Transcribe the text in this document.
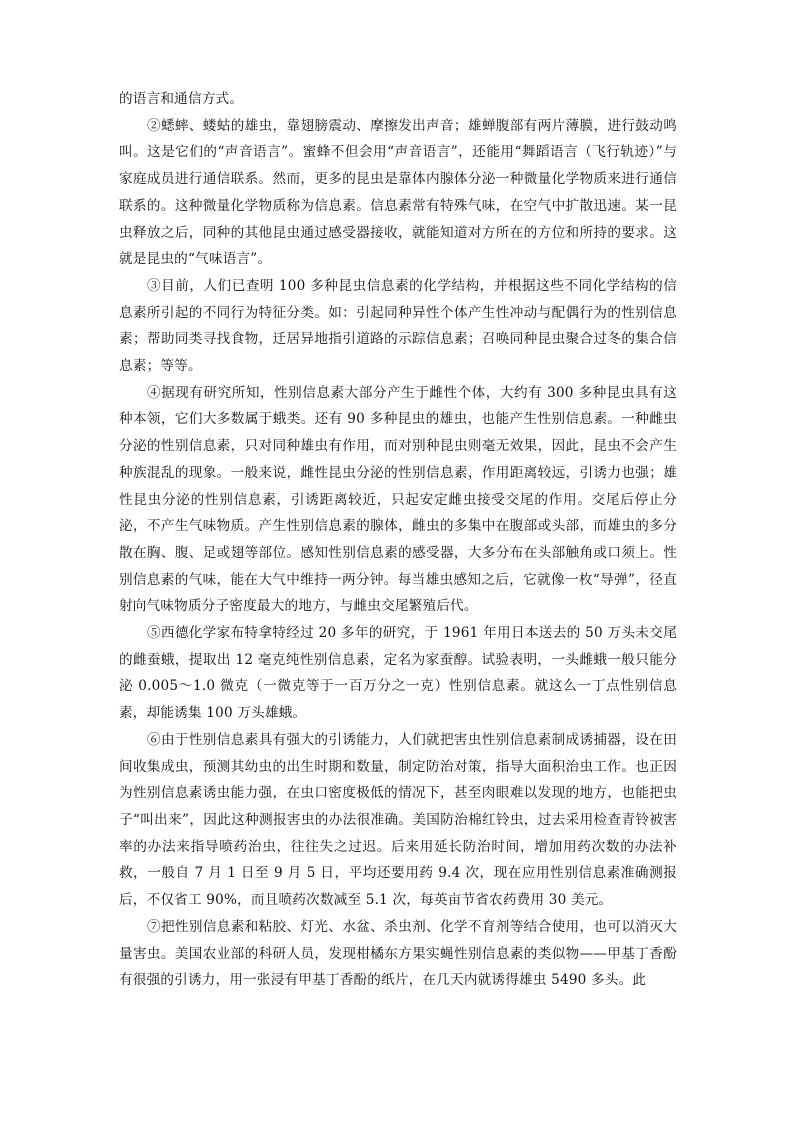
的语言和通信方式。

②蟋蟀、蝼蛄的雄虫，靠翅膀震动、摩擦发出声音；雄蝉腹部有两片薄膜，进行鼓动鸣叫。这是它们的“声音语言”。蜜蜂不但会用“声音语言”，还能用“舞蹈语言（飞行轨迹）”与家庭成员进行通信联系。然而，更多的昆虫是靠体内腺体分泌一种微量化学物质来进行通信联系的。这种微量化学物质称为信息素。信息素常有特殊气味，在空气中扩散迅速。某一昆虫释放之后，同种的其他昆虫通过感受器接收，就能知道对方所在的方位和所持的要求。这就是昆虫的“气味语言”。

③目前，人们已查明 100 多种昆虫信息素的化学结构，并根据这些不同化学结构的信息素所引起的不同行为特征分类。如：引起同种异性个体产生性冲动与配偶行为的性别信息素；帮助同类寻找食物，迁居异地指引道路的示踪信息素；召唤同种昆虫聚合过冬的集合信息素；等等。

④据现有研究所知，性别信息素大部分产生于雌性个体，大约有 300 多种昆虫具有这种本领，它们大多数属于蛾类。还有 90 多种昆虫的雄虫，也能产生性别信息素。一种雌虫分泌的性别信息素，只对同种雄虫有作用，而对别种昆虫则毫无效果，因此，昆虫不会产生种族混乱的现象。一般来说，雌性昆虫分泌的性别信息素，作用距离较远，引诱力也强；雄性昆虫分泌的性别信息素，引诱距离较近，只起安定雌虫接受交尾的作用。交尾后停止分泌，不产生气味物质。产生性别信息素的腺体，雌虫的多集中在腹部或头部，而雄虫的多分散在胸、腹、足或翅等部位。感知性别信息素的感受器，大多分布在头部触角或口须上。性别信息素的气味，能在大气中维持一两分钟。每当雄虫感知之后，它就像一枚“导弹”，径直射向气味物质分子密度最大的地方，与雌虫交尾繁殖后代。

⑤西德化学家布特拿特经过 20 多年的研究，于 1961 年用日本送去的 50 万头未交尾的雌蚕蛾，提取出 12 毫克纯性别信息素，定名为家蚕醇。试验表明，一头雌蛾一般只能分泌 0.005～1.0 微克（一微克等于一百万分之一克）性别信息素。就这么一丁点性别信息素，却能诱集 100 万头雄蛾。

⑥由于性别信息素具有强大的引诱能力，人们就把害虫性别信息素制成诱捕器，设在田间收集成虫，预测其幼虫的出生时期和数量，制定防治对策，指导大面积治虫工作。也正因为性别信息素诱虫能力强，在虫口密度极低的情况下，甚至肉眼难以发现的地方，也能把虫子“叫出来”，因此这种测报害虫的办法很准确。美国防治棉红铃虫，过去采用检查青铃被害率的办法来指导喷药治虫，往往失之过迟。后来用延长防治时间，增加用药次数的办法补救，一般自 7 月 1 日至 9 月 5 日，平均还要用药 9.4 次，现在应用性别信息素准确测报后，不仅省工 90%，而且喷药次数减至 5.1 次，每英亩节省农药费用 30 美元。

⑦把性别信息素和粘胶、灯光、水盆、杀虫剂、化学不育剂等结合使用，也可以消灭大量害虫。美国农业部的科研人员，发现柑橘东方果实蝇性别信息素的类似物——甲基丁香酚有很强的引诱力，用一张浸有甲基丁香酚的纸片，在几天内就诱得雄虫 5490 多头。此
